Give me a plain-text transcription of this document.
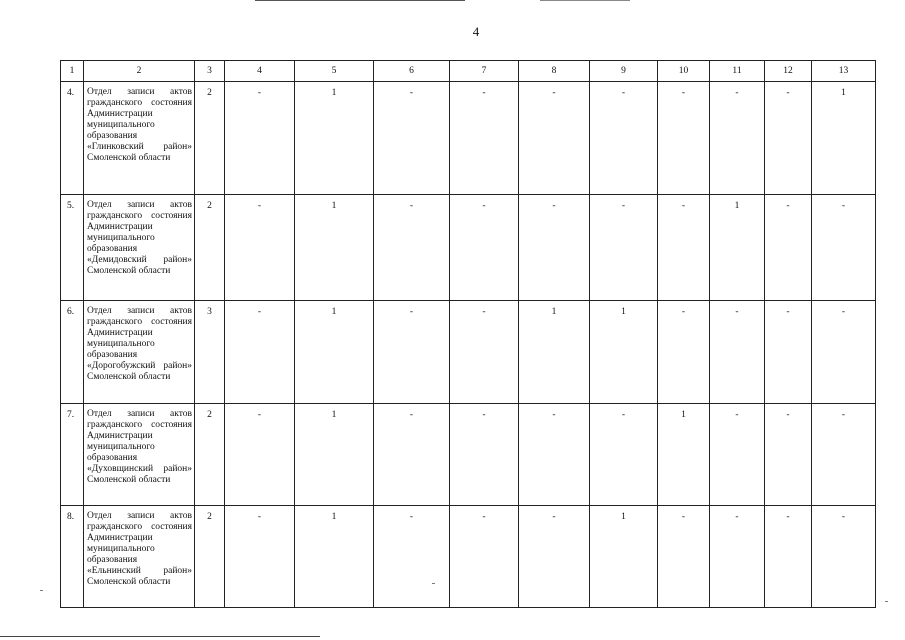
4
1	2	3	4	5	6	7	8	9	10	11	12	13
4.	Отдел записи актов гражданского состояния Администрации муниципального образования «Глинковский район» Смоленской области	2	-	1	-	-	-	-	-	-	-	1
5.	Отдел записи актов гражданского состояния Администрации муниципального образования «Демидовский район» Смоленской области	2	-	1	-	-	-	-	-	1	-	-
6.	Отдел записи актов гражданского состояния Администрации муниципального образования «Дорогобужский район» Смоленской области	3	-	1	-	-	1	1	-	-	-	-
7.	Отдел записи актов гражданского состояния Администрации муниципального образования «Духовщинский район» Смоленской области	2	-	1	-	-	-	-	1	-	-	-
8.	Отдел записи актов гражданского состояния Администрации муниципального образования «Ельнинский район» Смоленской области	2	-	1	-	-	-	1	-	-	-	-
